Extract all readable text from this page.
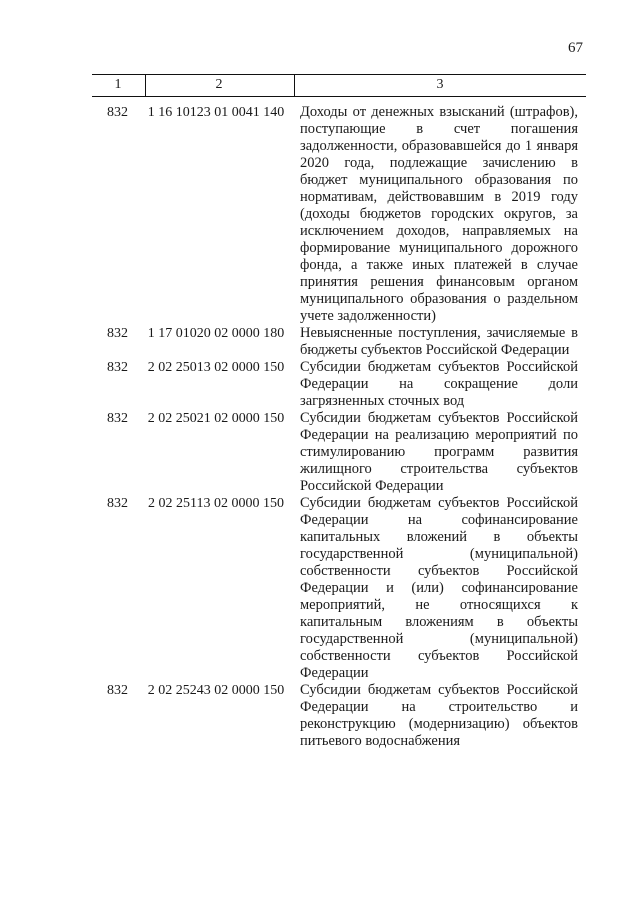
67
1	2	3
832	1 16 10123 01 0041 140	Доходы от денежных взысканий (штрафов), поступающие в счет погашения задолженности, образовавшейся до 1 января 2020 года, подлежащие зачислению в бюджет муниципального образования по нормативам, действовавшим в 2019 году (доходы бюджетов городских округов, за исключением доходов, направляемых на формирование муниципального дорожного фонда, а также иных платежей в случае принятия решения финансовым органом муниципального образования о раздельном учете задолженности)
832	1 17 01020 02 0000 180	Невыясненные поступления, зачисляемые в бюджеты субъектов Российской Федерации
832	2 02 25013 02 0000 150	Субсидии бюджетам субъектов Российской Федерации на сокращение доли загрязненных сточных вод
832	2 02 25021 02 0000 150	Субсидии бюджетам субъектов Российской Федерации на реализацию мероприятий по стимулированию программ развития жилищного строительства субъектов Российской Федерации
832	2 02 25113 02 0000 150	Субсидии бюджетам субъектов Российской Федерации на софинансирование капитальных вложений в объекты государственной (муниципальной) собственности субъектов Российской Федерации и (или) софинансирование мероприятий, не относящихся к капитальным вложениям в объекты государственной (муниципальной) собственности субъектов Российской Федерации
832	2 02 25243 02 0000 150	Субсидии бюджетам субъектов Российской Федерации на строительство и реконструкцию (модернизацию) объектов питьевого водоснабжения
